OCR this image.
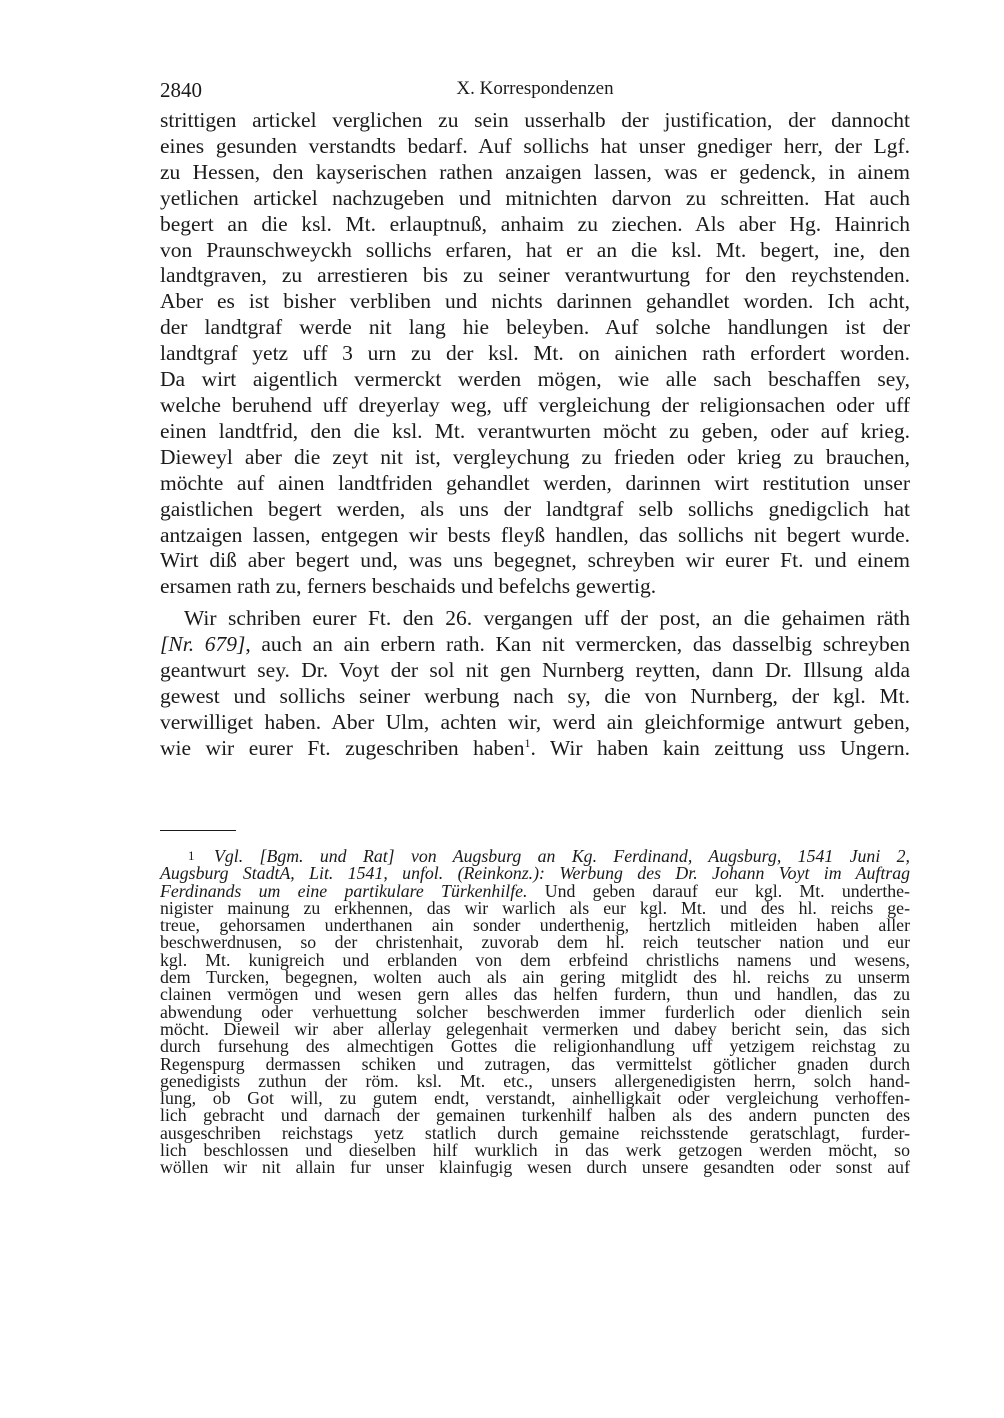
2840	X. Korrespondenzen
strittigen artickel verglichen zu sein usserhalb der justification, der dannocht
eines gesunden verstandts bedarf. Auf sollichs hat unser gnediger herr, der Lgf.
zu Hessen, den kayserischen rathen anzaigen lassen, was er gedenck, in ainem
yetlichen artickel nachzugeben und mitnichten darvon zu schreitten. Hat auch
begert an die ksl. Mt. erlauptnuß, anhaim zu ziechen. Als aber Hg. Hainrich
von Praunschweyckh sollichs erfaren, hat er an die ksl. Mt. begert, ine, den
landtgraven, zu arrestieren bis zu seiner verantwurtung for den reychstenden.
Aber es ist bisher verbliben und nichts darinnen gehandlet worden. Ich acht,
der landtgraf werde nit lang hie beleyben. Auf solche handlungen ist der
landtgraf yetz uff 3 urn zu der ksl. Mt. on ainichen rath erfordert worden.
Da wirt aigentlich vermerckt werden mögen, wie alle sach beschaffen sey,
welche beruhend uff dreyerlay weg, uff vergleichung der religionsachen oder uff
einen landtfrid, den die ksl. Mt. verantwurten möcht zu geben, oder auf krieg.
Dieweyl aber die zeyt nit ist, vergleychung zu frieden oder krieg zu brauchen,
möchte auf ainen landtfriden gehandlet werden, darinnen wirt restitution unser
gaistlichen begert werden, als uns der landtgraf selb sollichs gnedigclich hat
antzaigen lassen, entgegen wir bests fleyß handlen, das sollichs nit begert wurde.
Wirt diß aber begert und, was uns begegnet, schreyben wir eurer Ft. und einem
ersamen rath zu, ferners beschaids und befelchs gewertig.
Wir schriben eurer Ft. den 26. vergangen uff der post, an die gehaimen räth
[Nr. 679], auch an ain erbern rath. Kan nit vermercken, das dasselbig schreyben
geantwurt sey. Dr. Voyt der sol nit gen Nurnberg reytten, dann Dr. Illsung alda
gewest und sollichs seiner werbung nach sy, die von Nurnberg, der kgl. Mt.
verwilliget haben. Aber Ulm, achten wir, werd ain gleichformige antwurt geben,
wie wir eurer Ft. zugeschriben haben$^1$. Wir haben kain zeittung uss Ungern.
1 Vgl. [Bgm. und Rat] von Augsburg an Kg. Ferdinand, Augsburg, 1541 Juni 2,
Augsburg StadtA, Lit. 1541, unfol. (Reinkonz.): Werbung des Dr. Johann Voyt im Auftrag
Ferdinands um eine partikulare Türkenhilfe. Und geben darauf eur kgl. Mt. underthe-
nigister mainung zu erkhennen, das wir warlich als eur kgl. Mt. und des hl. reichs ge-
treue, gehorsamen underthanen ain sonder underthenig, hertzlich mitleiden haben aller
beschwerdnusen, so der christenhait, zuvorab dem hl. reich teutscher nation und eur
kgl. Mt. kunigreich und erblanden von dem erbfeind christlichs namens und wesens,
dem Turcken, begegnen, wolten auch als ain gering mitglidt des hl. reichs zu unserm
clainen vermögen und wesen gern alles das helfen furdern, thun und handlen, das zu
abwendung oder verhuettung solcher beschwerden immer furderlich oder dienlich sein
möcht. Dieweil wir aber allerlay gelegenhait vermerken und dabey bericht sein, das sich
durch fursehung des almechtigen Gottes die religionhandlung uff yetzigem reichstag zu
Regenspurg dermassen schiken und zutragen, das vermittelst götlicher gnaden durch
genedigists zuthun der röm. ksl. Mt. etc., unsers allergenedigisten herrn, solch hand-
lung, ob Got will, zu gutem endt, verstandt, ainhelligkait oder vergleichung verhoffen-
lich gebracht und darnach der gemainen turkenhilf halben als des andern puncten des
ausgeschriben reichstags yetz statlich durch gemaine reichsstende geratschlagt, furder-
lich beschlossen und dieselben hilf wurklich in das werk getzogen werden möcht, so
wöllen wir nit allain fur unser klainfugig wesen durch unsere gesandten oder sonst auf
